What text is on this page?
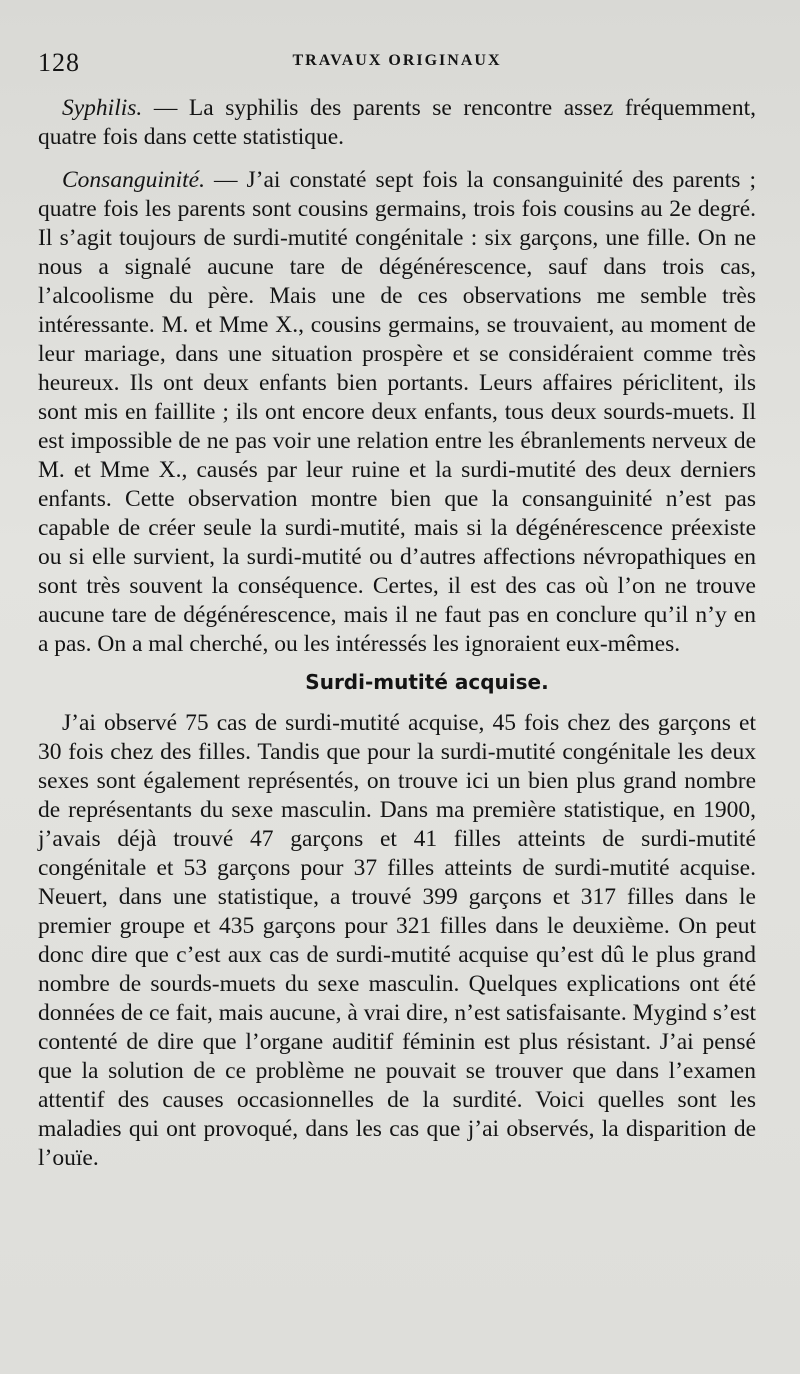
128	TRAVAUX ORIGINAUX

Syphilis. — La syphilis des parents se rencontre assez fréquemment, quatre fois dans cette statistique.

Consanguinité. — J’ai constaté sept fois la consanguinité des parents ; quatre fois les parents sont cousins germains, trois fois cousins au 2e degré. Il s’agit toujours de surdi-mutité congénitale : six garçons, une fille. On ne nous a signalé aucune tare de dégénérescence, sauf dans trois cas, l’alcoolisme du père. Mais une de ces observations me semble très intéressante. M. et Mme X., cousins germains, se trouvaient, au moment de leur mariage, dans une situation prospère et se considéraient comme très heureux. Ils ont deux enfants bien portants. Leurs affaires périclitent, ils sont mis en faillite ; ils ont encore deux enfants, tous deux sourds-muets. Il est impossible de ne pas voir une relation entre les ébranlements nerveux de M. et Mme X., causés par leur ruine et la surdi-mutité des deux derniers enfants. Cette observation montre bien que la consanguinité n’est pas capable de créer seule la surdi-mutité, mais si la dégénérescence préexiste ou si elle survient, la surdi-mutité ou d’autres affections névropathiques en sont très souvent la conséquence. Certes, il est des cas où l’on ne trouve aucune tare de dégénérescence, mais il ne faut pas en conclure qu’il n’y en a pas. On a mal cherché, ou les intéressés les ignoraient eux-mêmes.

Surdi-mutité acquise.

J’ai observé 75 cas de surdi-mutité acquise, 45 fois chez des garçons et 30 fois chez des filles. Tandis que pour la surdi-mutité congénitale les deux sexes sont également représentés, on trouve ici un bien plus grand nombre de représentants du sexe masculin. Dans ma première statistique, en 1900, j’avais déjà trouvé 47 garçons et 41 filles atteints de surdi-mutité congénitale et 53 garçons pour 37 filles atteints de surdi-mutité acquise. Neuert, dans une statistique, a trouvé 399 garçons et 317 filles dans le premier groupe et 435 garçons pour 321 filles dans le deuxième. On peut donc dire que c’est aux cas de surdi-mutité acquise qu’est dû le plus grand nombre de sourds-muets du sexe masculin. Quelques explications ont été données de ce fait, mais aucune, à vrai dire, n’est satisfaisante. Mygind s’est contenté de dire que l’organe auditif féminin est plus résistant. J’ai pensé que la solution de ce problème ne pouvait se trouver que dans l’examen attentif des causes occasionnelles de la surdité. Voici quelles sont les maladies qui ont provoqué, dans les cas que j’ai observés, la disparition de l’ouïe.
